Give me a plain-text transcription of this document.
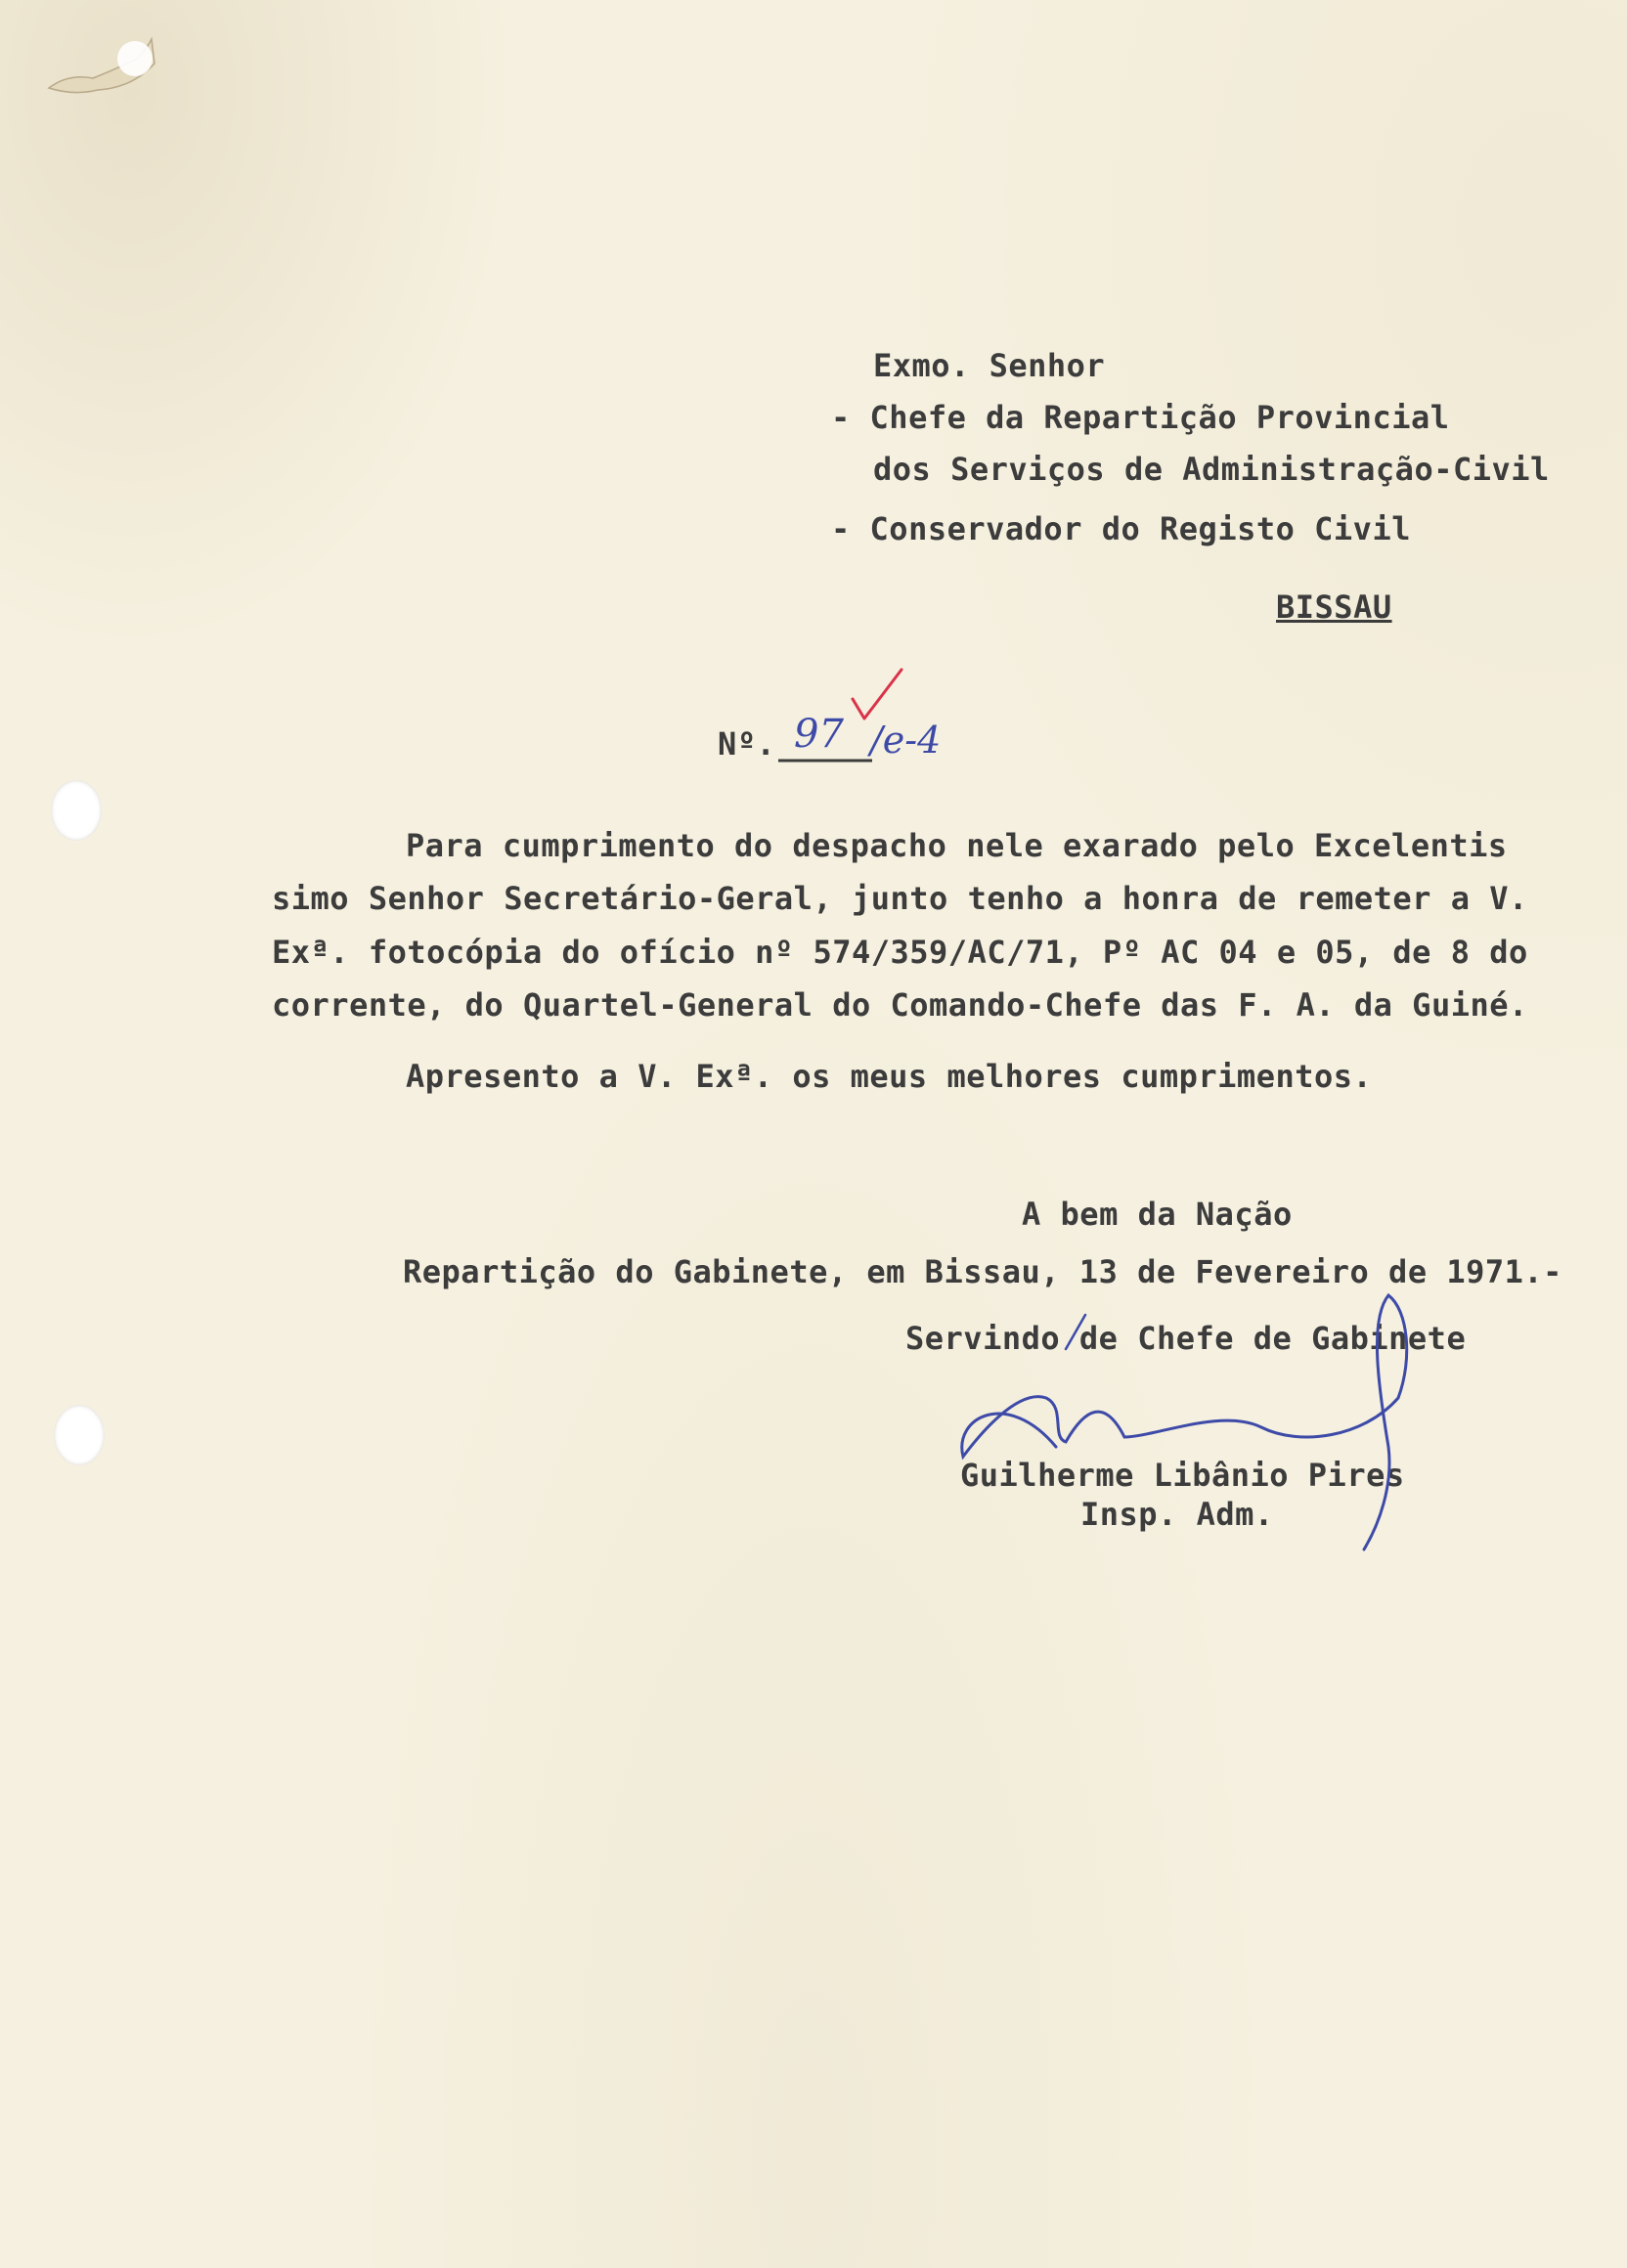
Exmo. Senhor
- Chefe da Repartição Provincial
dos Serviços de Administração-Civil
- Conservador do Registo Civil
BISSAU
Nº. 97 /e-4
Para cumprimento do despacho nele exarado pelo Excelentis
simo Senhor Secretário-Geral, junto tenho a honra de remeter a V.
Exª. fotocópia do ofício nº 574/359/AC/71, Pº AC 04 e 05, de 8 do
corrente, do Quartel-General do Comando-Chefe das F. A. da Guiné.
Apresento a V. Exª. os meus melhores cumprimentos.
A bem da Nação
Repartição do Gabinete, em Bissau, 13 de Fevereiro de 1971.-
Servindo de Chefe de Gabinete
Guilherme Libânio Pires
Insp. Adm.
